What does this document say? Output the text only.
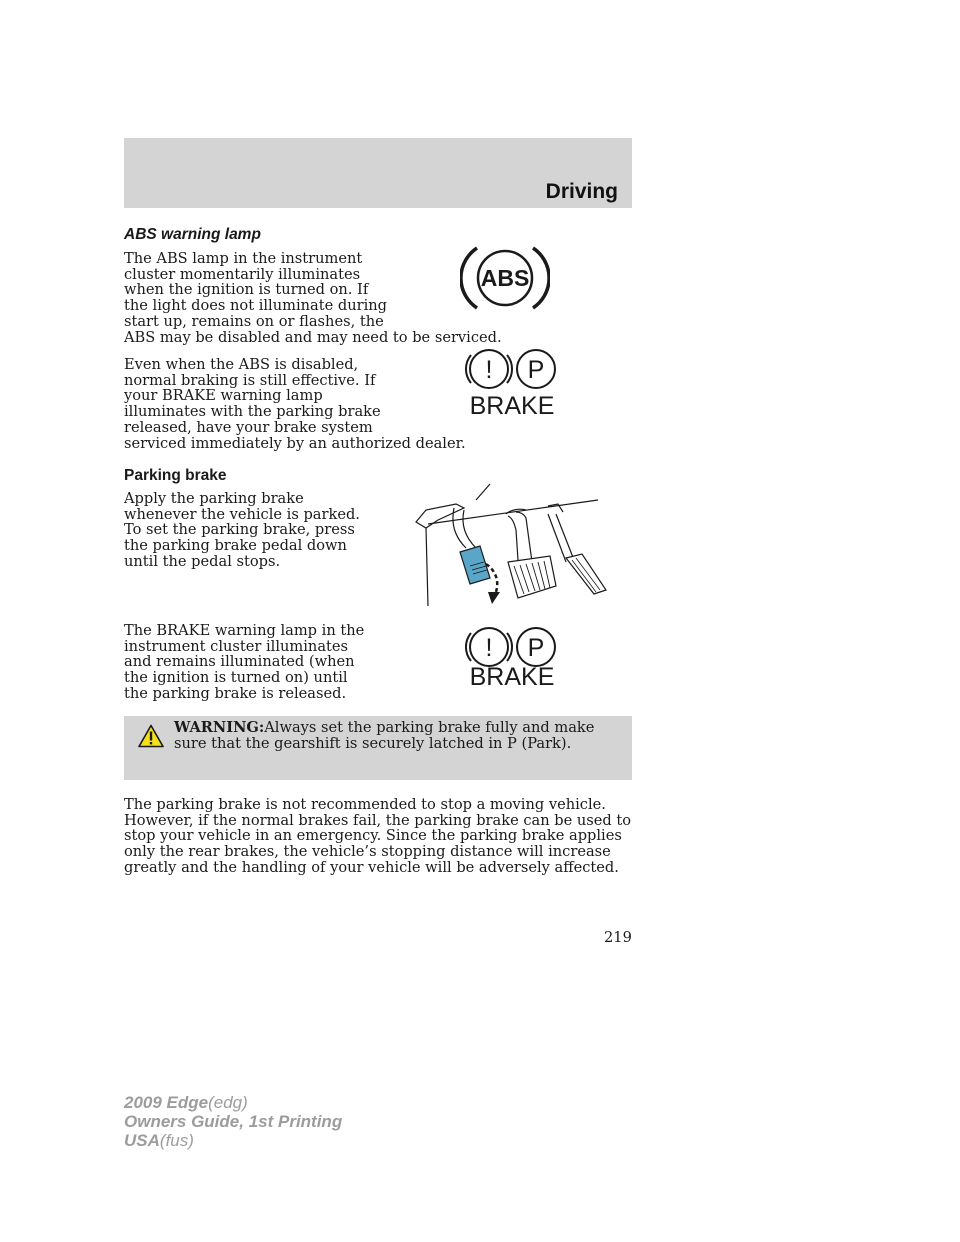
Driving
ABS warning lamp

The ABS lamp in the instrument

cluster momentarily illuminates

when the ignition is turned on. If

the light does not illuminate during

start up, remains on or flashes, the

ABS may be disabled and may need to be serviced.

Even when the ABS is disabled,

normal braking is still effective. If

your BRAKE warning lamp

illuminates with the parking brake

released, have your brake system

serviced immediately by an authorized dealer.

Parking brake

Apply the parking brake whenever the vehicle is parked. To set the parking brake, press the parking brake pedal down until the pedal stops.

The BRAKE warning lamp in the instrument cluster illuminates and remains illuminated (when the ignition is turned on) until the parking brake is released.

WARNING:Always set the parking brake fully and make sure that the gearshift is securely latched in P (Park).

The parking brake is not recommended to stop a moving vehicle. However, if the normal brakes fail, the parking brake can be used to stop your vehicle in an emergency. Since the parking brake applies only the rear brakes, the vehicle’s stopping distance will increase greatly and the handling of your vehicle will be adversely affected.

ABS
! P
BRAKE
! P
BRAKE
219
2009 Edge(edg)
Owners Guide, 1st Printing
USA(fus)
